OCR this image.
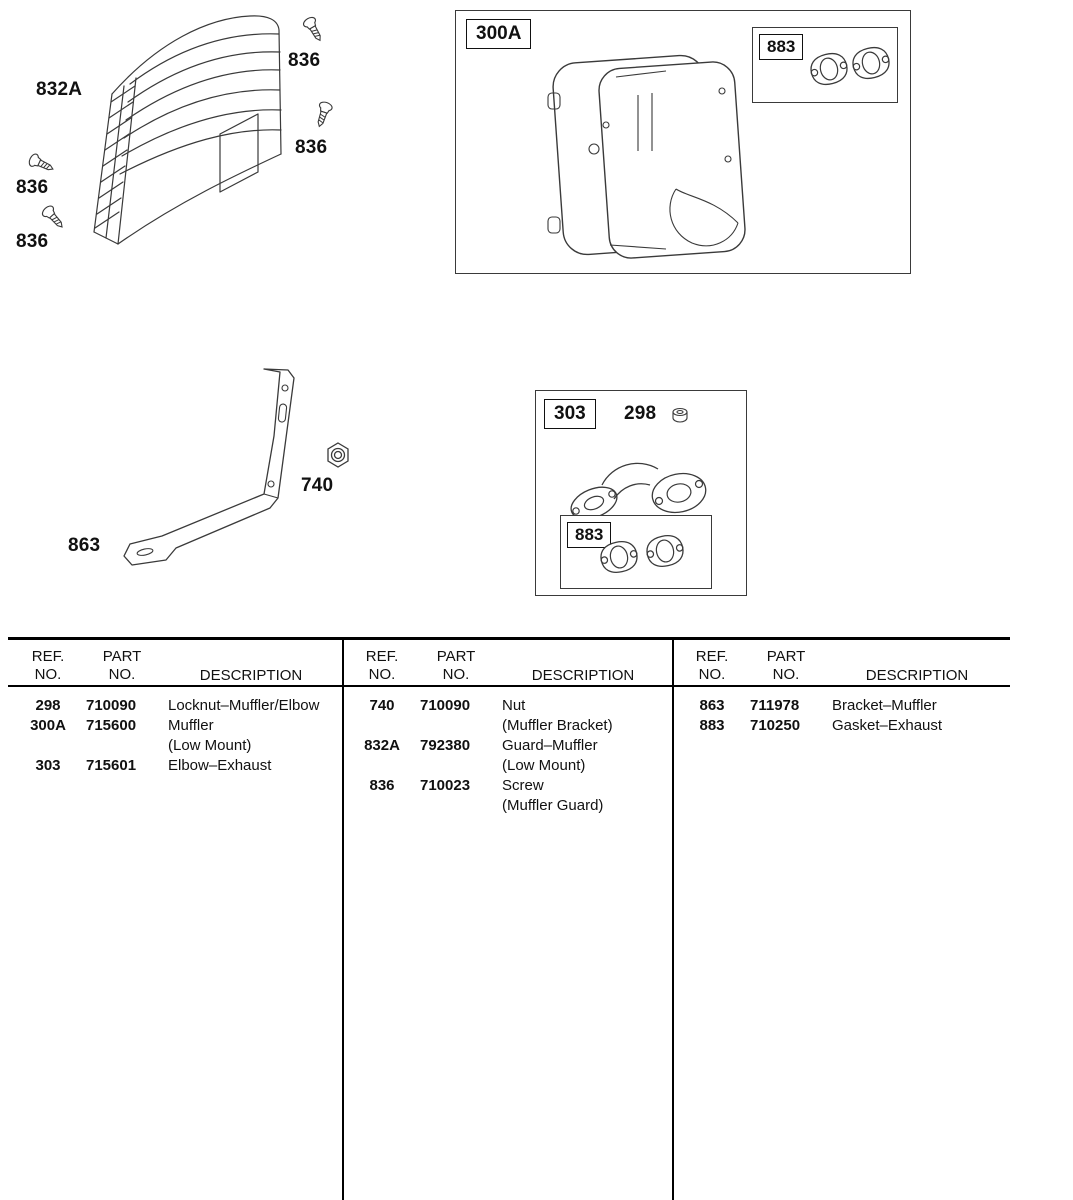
832A
836
836
836
836
300A
883
863
740
303	298
883
REF.
NO.
PART
NO.	DESCRIPTION
298	710090	Locknut–Muffler/Elbow
300A	715600	Muffler
(Low Mount)
303	715601	Elbow–Exhaust
REF.
NO.
PART
NO.	DESCRIPTION
740	710090	Nut
(Muffler Bracket)
832A	792380	Guard–Muffler
(Low Mount)
836	710023	Screw
(Muffler Guard)
REF.
NO.
PART
NO.	DESCRIPTION
863	711978	Bracket–Muffler
883	710250	Gasket–Exhaust
